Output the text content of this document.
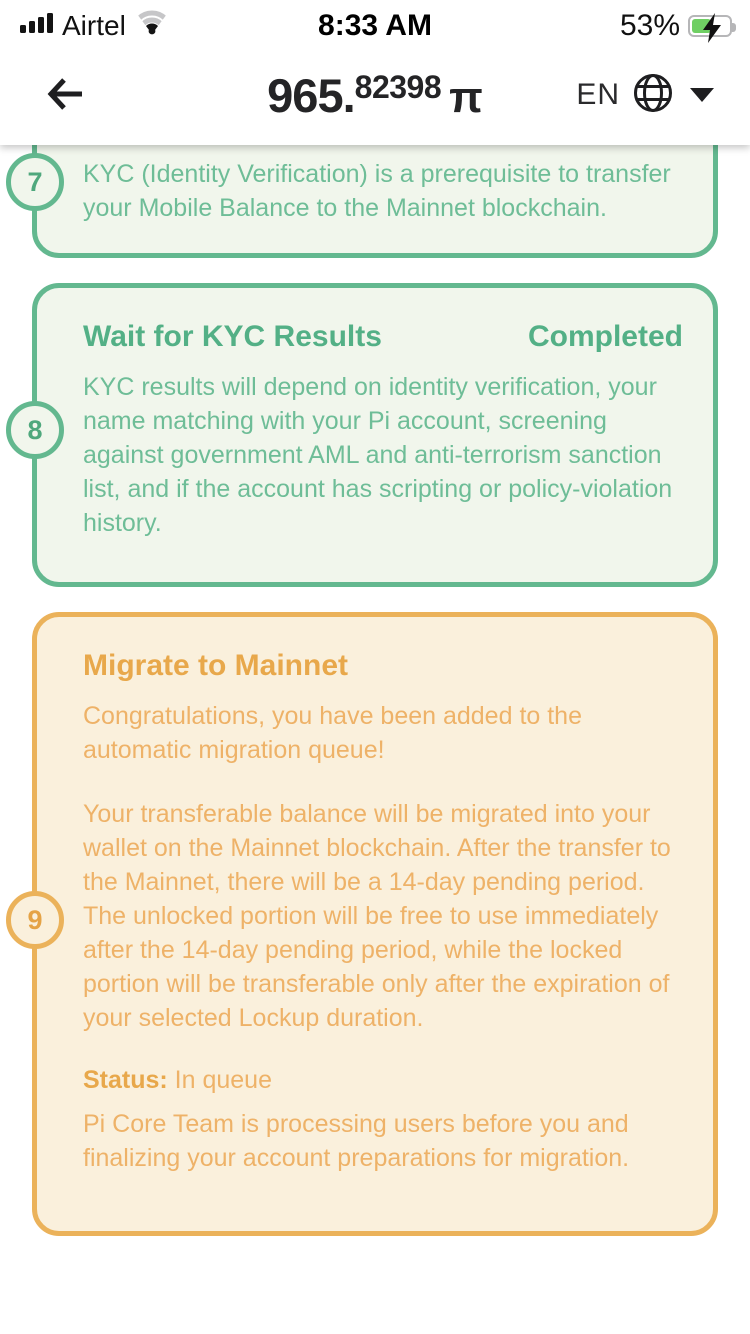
Airtel	8:33 AM	53%
965.82398 π	EN
7	KYC (Identity Verification) is a prerequisite to transfer your Mobile Balance to the Mainnet blockchain.

8
Wait for KYC Results	Completed

KYC results will depend on identity verification, your name matching with your Pi account, screening against government AML and anti-terrorism sanction list, and if the account has scripting or policy-violation history.

9
Migrate to Mainnet

Congratulations, you have been added to the automatic migration queue!

Your transferable balance will be migrated into your wallet on the Mainnet blockchain. After the transfer to the Mainnet, there will be a 14-day pending period. The unlocked portion will be free to use immediately after the 14-day pending period, while the locked portion will be transferable only after the expiration of your selected Lockup duration.

Status: In queue

Pi Core Team is processing users before you and finalizing your account preparations for migration.
